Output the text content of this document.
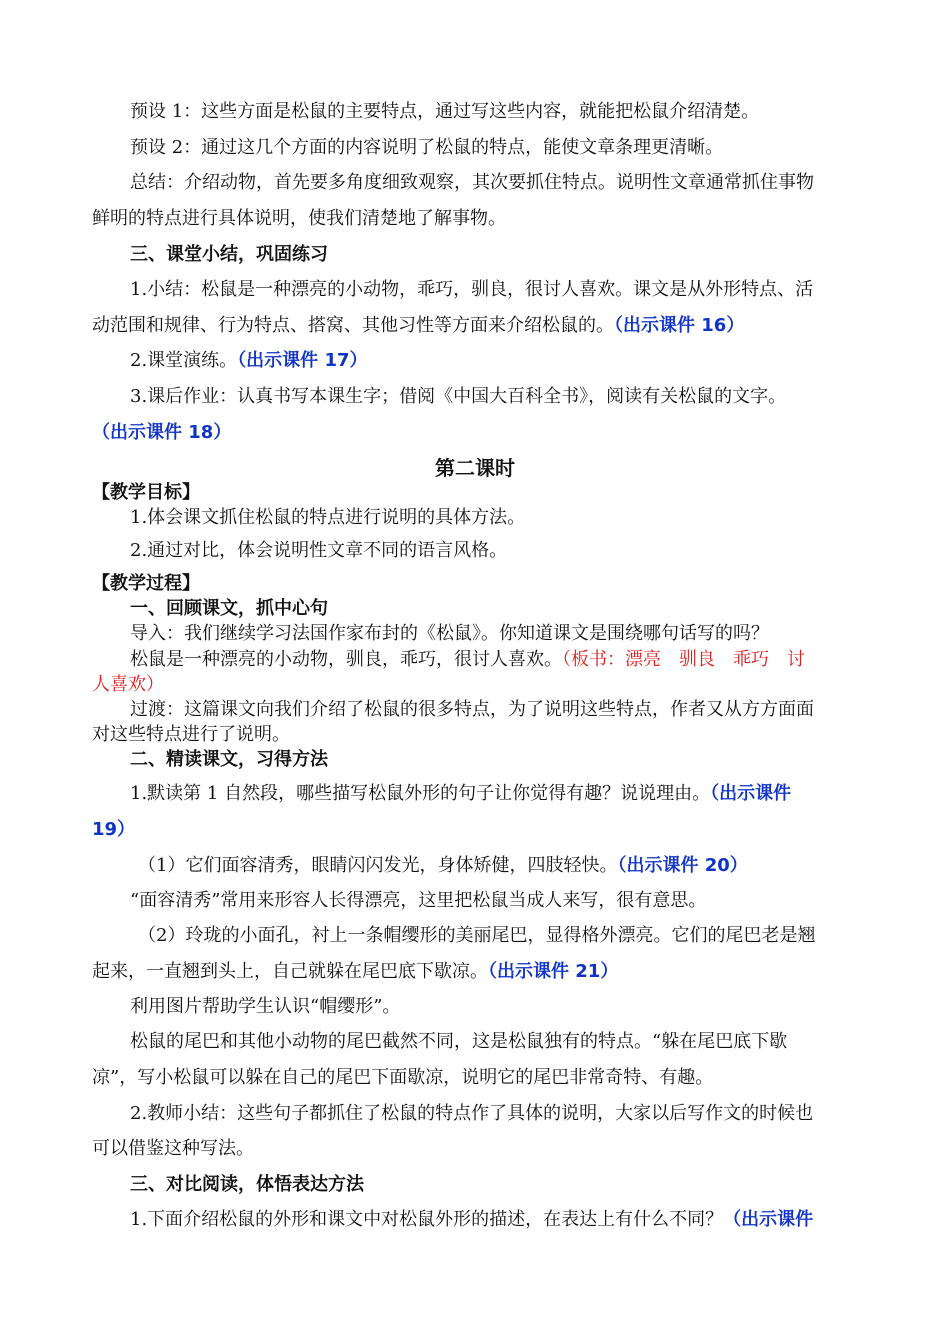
预设 1：这些方面是松鼠的主要特点，通过写这些内容，就能把松鼠介绍清楚。
预设 2：通过这几个方面的内容说明了松鼠的特点，能使文章条理更清晰。
总结：介绍动物，首先要多角度细致观察，其次要抓住特点。说明性文章通常抓住事物
鲜明的特点进行具体说明，使我们清楚地了解事物。
三、课堂小结，巩固练习
1.小结：松鼠是一种漂亮的小动物，乖巧，驯良，很讨人喜欢。课文是从外形特点、活
动范围和规律、行为特点、搭窝、其他习性等方面来介绍松鼠的。（出示课件 16）
2.课堂演练。（出示课件 17）
3.课后作业：认真书写本课生字；借阅《中国大百科全书》，阅读有关松鼠的文字。
（出示课件 18）
第二课时
【教学目标】
1.体会课文抓住松鼠的特点进行说明的具体方法。
2.通过对比，体会说明性文章不同的语言风格。
【教学过程】
一、回顾课文，抓中心句
导入：我们继续学习法国作家布封的《松鼠》。你知道课文是围绕哪句话写的吗？
松鼠是一种漂亮的小动物，驯良，乖巧，很讨人喜欢。（板书：漂亮　驯良　乖巧　讨
人喜欢）
过渡：这篇课文向我们介绍了松鼠的很多特点，为了说明这些特点，作者又从方方面面
对这些特点进行了说明。
二、精读课文，习得方法
1.默读第 1 自然段，哪些描写松鼠外形的句子让你觉得有趣？说说理由。（出示课件
19）
（1）它们面容清秀，眼睛闪闪发光，身体矫健，四肢轻快。（出示课件 20）
“面容清秀”常用来形容人长得漂亮，这里把松鼠当成人来写，很有意思。
（2）玲珑的小面孔，衬上一条帽缨形的美丽尾巴，显得格外漂亮。它们的尾巴老是翘
起来，一直翘到头上，自己就躲在尾巴底下歇凉。（出示课件 21）
利用图片帮助学生认识“帽缨形”。
松鼠的尾巴和其他小动物的尾巴截然不同，这是松鼠独有的特点。“躲在尾巴底下歇
凉”，写小松鼠可以躲在自己的尾巴下面歇凉，说明它的尾巴非常奇特、有趣。
2.教师小结：这些句子都抓住了松鼠的特点作了具体的说明，大家以后写作文的时候也
可以借鉴这种写法。
三、对比阅读，体悟表达方法
1.下面介绍松鼠的外形和课文中对松鼠外形的描述，在表达上有什么不同？（出示课件
